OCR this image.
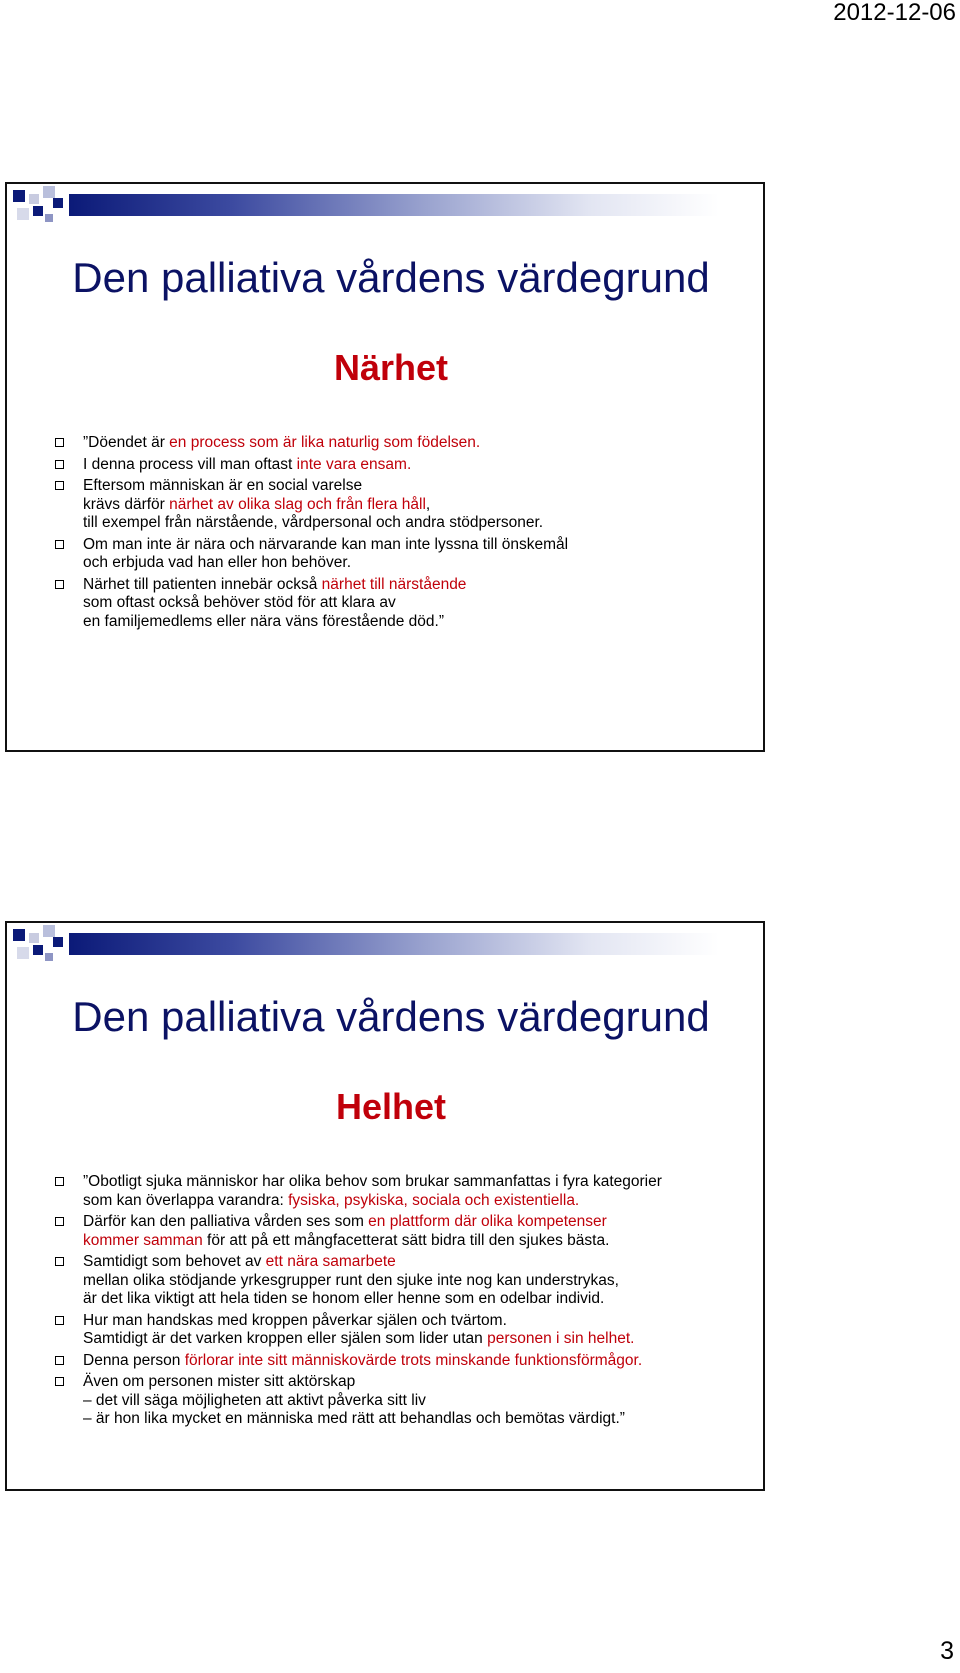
2012-12-06
Den palliativa vårdens värdegrund
Närhet
”Döendet är en process som är lika naturlig som födelsen.
I denna process vill man oftast inte vara ensam.
Eftersom människan är en social varelse
krävs därför närhet av olika slag och från flera håll,
till exempel från närstående, vårdpersonal och andra stödpersoner.
Om man inte är nära och närvarande kan man inte lyssna till önskemål
och erbjuda vad han eller hon behöver.
Närhet till patienten innebär också närhet till närstående
som oftast också behöver stöd för att klara av
en familjemedlems eller nära väns förestående död.”
Den palliativa vårdens värdegrund
Helhet
”Obotligt sjuka människor har olika behov som brukar sammanfattas i fyra kategorier
som kan överlappa varandra: fysiska, psykiska, sociala och existentiella.
Därför kan den palliativa vården ses som en plattform där olika kompetenser
kommer samman för att på ett mångfacetterat sätt bidra till den sjukes bästa.
Samtidigt som behovet av ett nära samarbete
mellan olika stödjande yrkesgrupper runt den sjuke inte nog kan understrykas,
är det lika viktigt att hela tiden se honom eller henne som en odelbar individ.
Hur man handskas med kroppen påverkar själen och tvärtom.
Samtidigt är det varken kroppen eller själen som lider utan personen i sin helhet.
Denna person förlorar inte sitt människovärde trots minskande funktionsförmågor.
Även om personen mister sitt aktörskap
– det vill säga möjligheten att aktivt påverka sitt liv
– är hon lika mycket en människa med rätt att behandlas och bemötas värdigt.”
3
